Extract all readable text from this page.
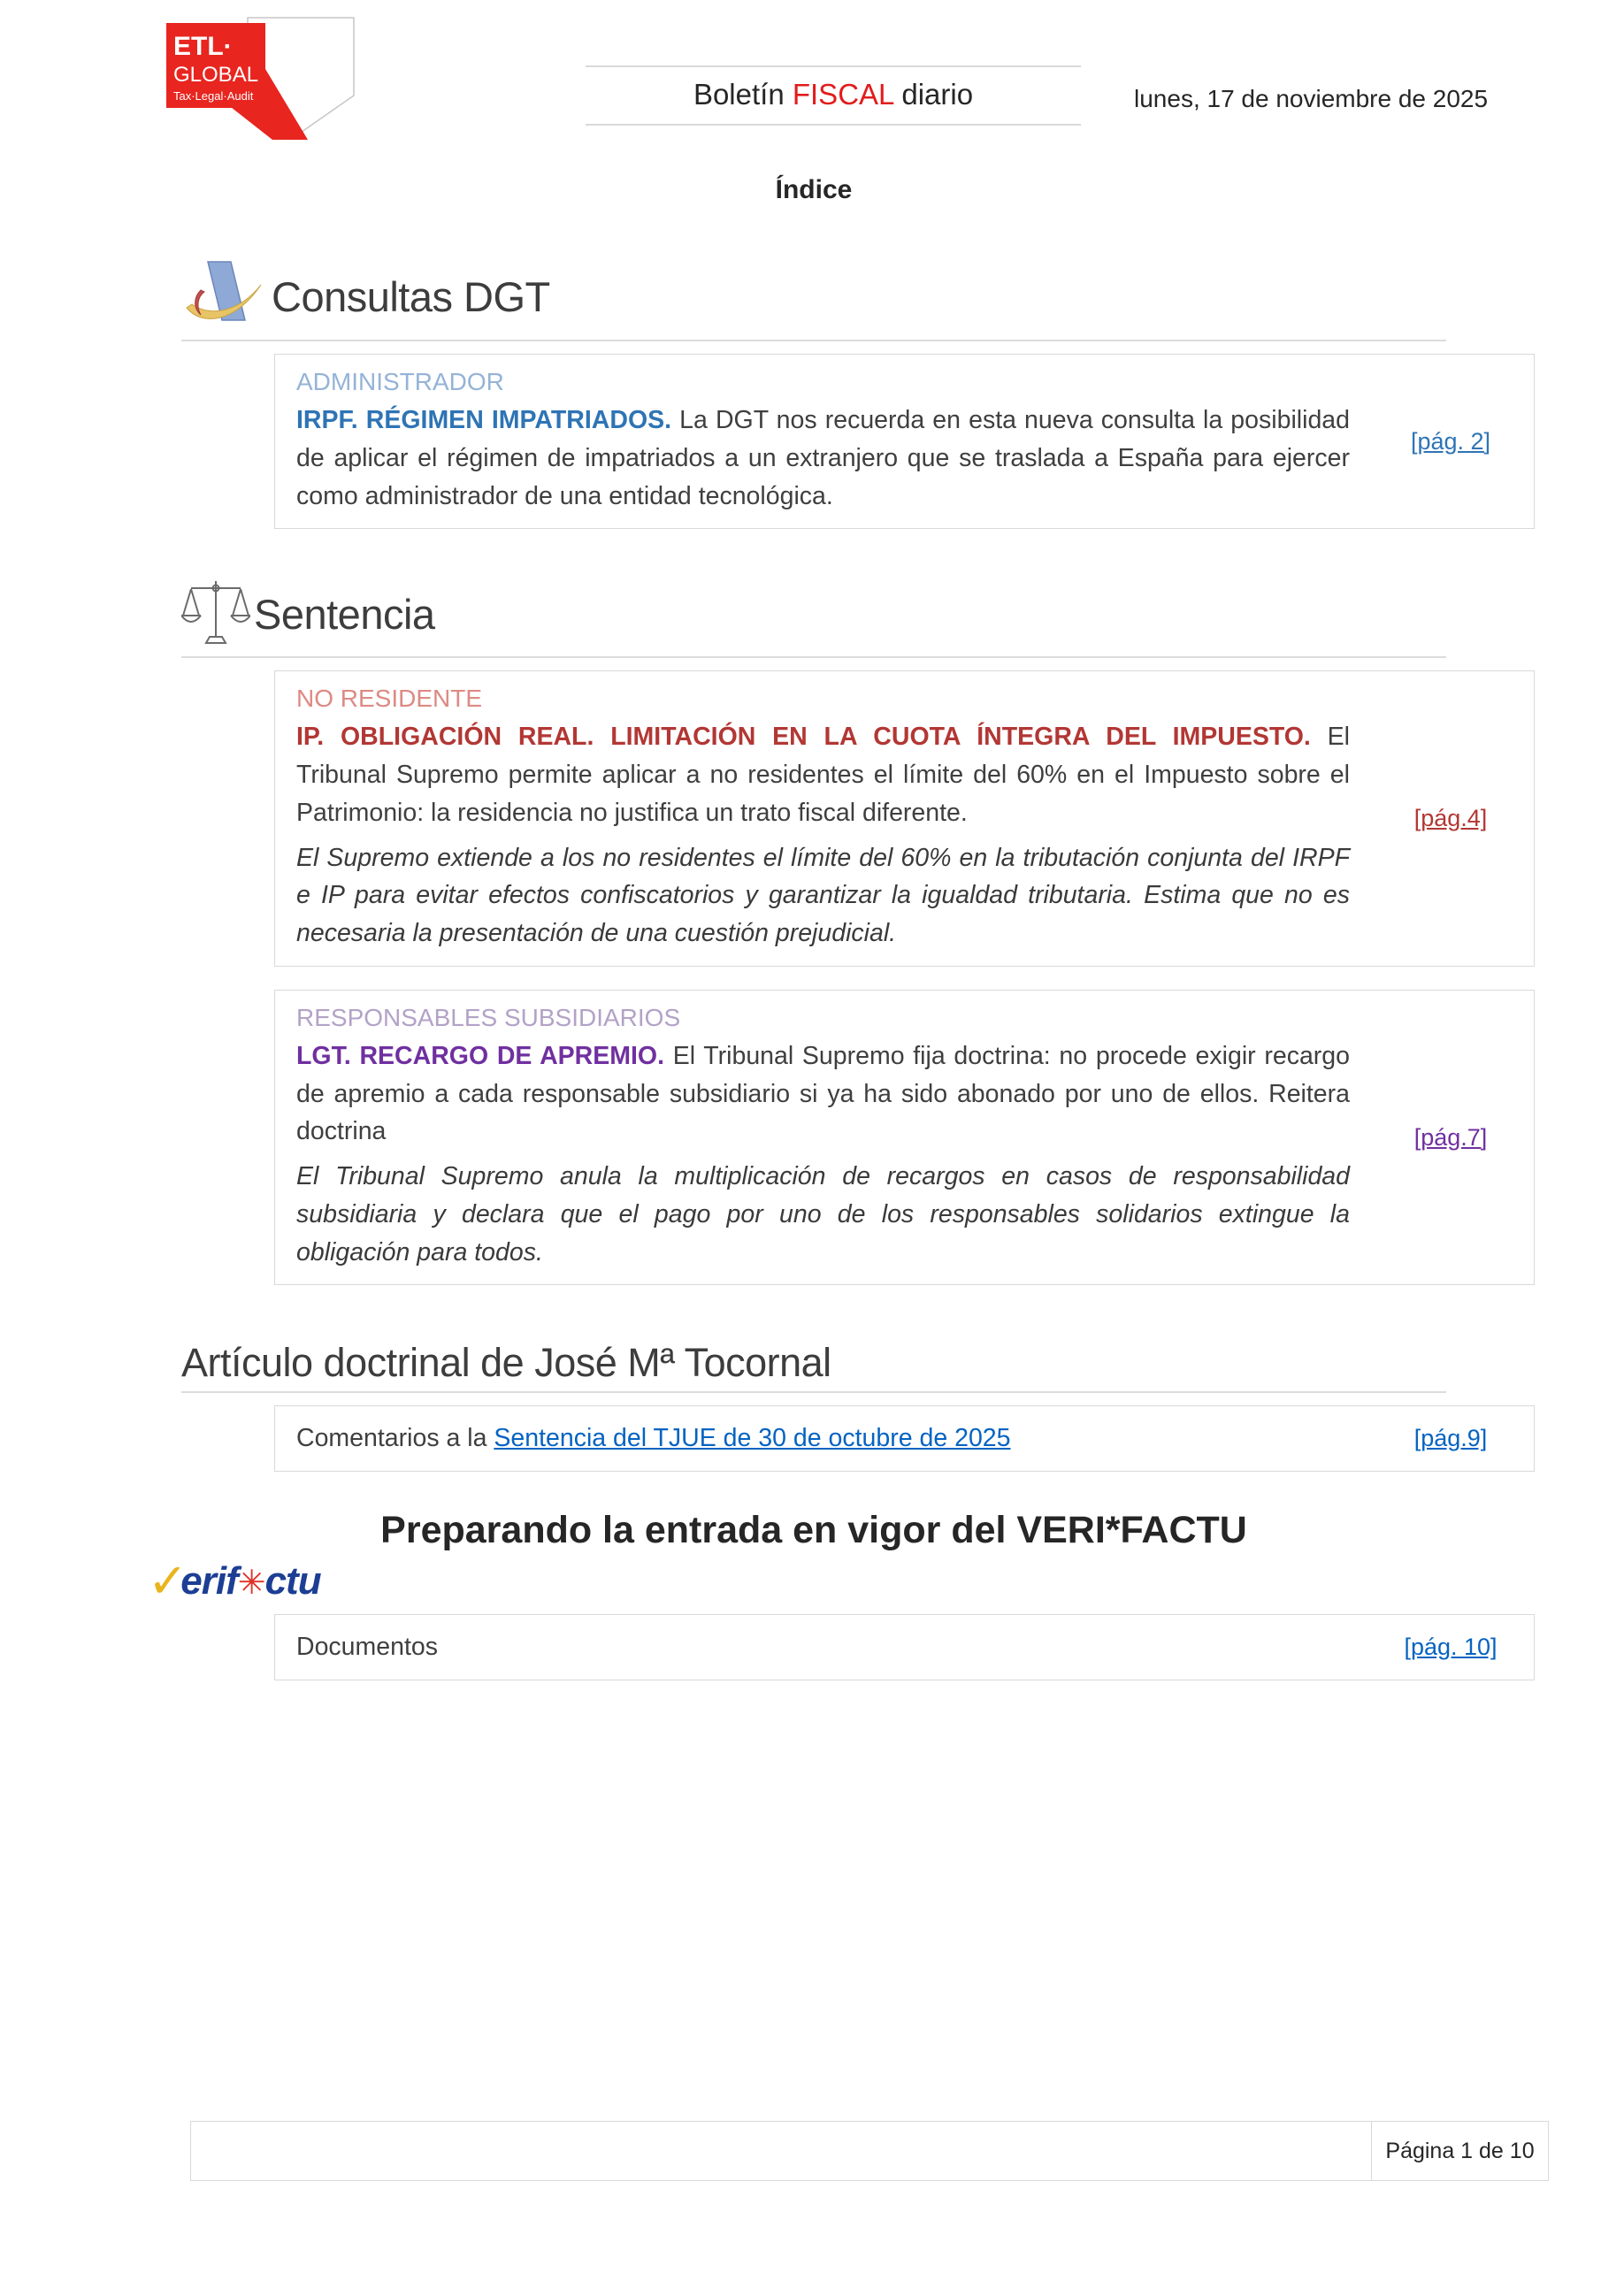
ETL·
GLOBAL
Tax·Legal·Audit	Boletín FISCAL diario	lunes, 17 de noviembre de 2025
Índice
Consultas DGT
ADMINISTRADOR

IRPF. RÉGIMEN IMPATRIADOS. La DGT nos recuerda en esta nueva consulta la posibilidad de aplicar el régimen de impatriados a un extranjero que se traslada a España para ejercer como administrador de una entidad tecnológica.

[pág. 2]
Sentencia
NO RESIDENTE

IP. OBLIGACIÓN REAL. LIMITACIÓN EN LA CUOTA ÍNTEGRA DEL IMPUESTO. El Tribunal Supremo permite aplicar a no residentes el límite del 60% en el Impuesto sobre el Patrimonio: la residencia no justifica un trato fiscal diferente.

El Supremo extiende a los no residentes el límite del 60% en la tributación conjunta del IRPF e IP para evitar efectos confiscatorios y garantizar la igualdad tributaria. Estima que no es necesaria la presentación de una cuestión prejudicial.

[pág.4]
RESPONSABLES SUBSIDIARIOS

LGT. RECARGO DE APREMIO. El Tribunal Supremo fija doctrina: no procede exigir recargo de apremio a cada responsable subsidiario si ya ha sido abonado por uno de ellos. Reitera doctrina

El Tribunal Supremo anula la multiplicación de recargos en casos de responsabilidad subsidiaria y declara que el pago por uno de los responsables solidarios extingue la obligación para todos.

[pág.7]
Artículo doctrinal de José Mª Tocornal

Comentarios a la Sentencia del TJUE de 30 de octubre de 2025	[pág.9]
Preparando la entrada en vigor del VERI*FACTU
✓
erif✳ctu

Documentos	[pág. 10]
Página 1 de 10
